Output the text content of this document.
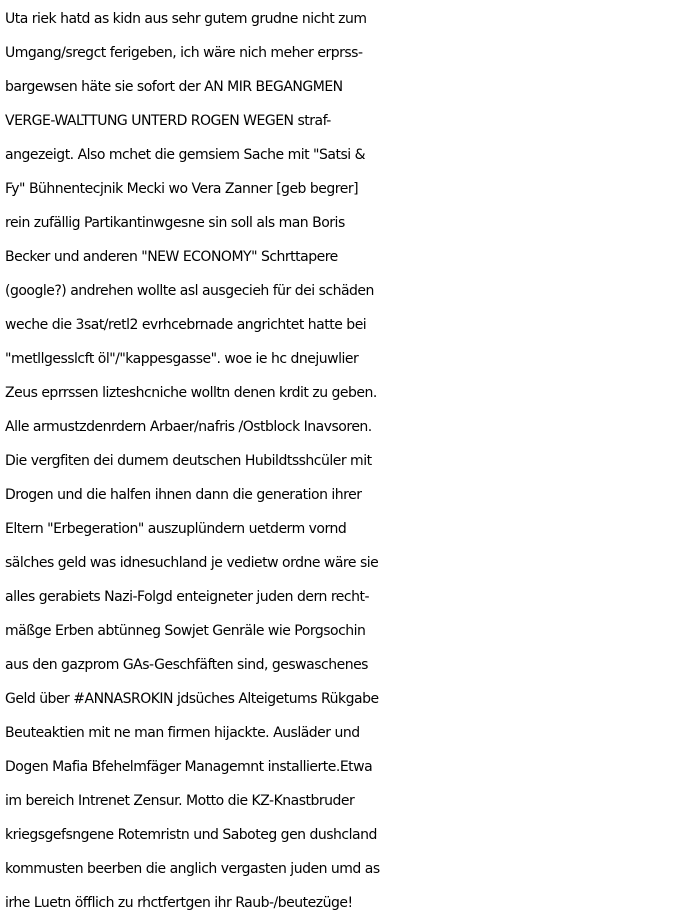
Uta riek hatd as kidn aus sehr gutem grudne nicht zum
Umgang/sregct ferigeben, ich wäre nich meher erprss-
bargewsen häte sie sofort der AN MIR BEGANGMEN
VERGE-WALTTUNG UNTERD ROGEN WEGEN straf-
angezeigt. Also mchet die gemsiem Sache mit "Satsi &
Fy" Bühnentecjnik Mecki wo Vera Zanner [geb begrer]
rein zufällig Partikantinwgesne sin soll als man Boris
Becker und anderen "NEW ECONOMY" Schrttapere
(google?) andrehen wollte asl ausgecieh für dei schäden
weche die 3sat/retl2 evrhcebrnade angrichtet hatte bei
"metllgesslcft öl"/"kappesgasse". woe ie hc dnejuwlier
Zeus eprrssen lizteshcniche wolltn denen krdit zu geben.
Alle armustzdenrdern Arbaer/nafris /Ostblock Inavsoren.
Die vergfiten dei dumem deutschen Hubildtsshcüler mit
Drogen und die halfen ihnen dann die generation ihrer
Eltern "Erbegeration" auszuplündern uetderm vornd
sälches geld was idnesuchland je vedietw ordne wäre sie
alles gerabiets Nazi-Folgd enteigneter juden dern recht-
mäßge Erben abtünneg Sowjet Genräle wie Porgsochin
aus den gazprom GAs-Geschfäften sind, geswaschenes
Geld über #ANNASROKIN jdsüches Alteigetums Rükgabe
Beuteaktien mit ne man firmen hijackte. Ausläder und
Dogen Mafia Bfehelmfäger Managemnt installierte.Etwa
im bereich Intrenet Zensur. Motto die KZ-Knastbruder
kriegsgefsngene Rotemristn und Saboteg gen dushcland
kommusten beerben die anglich vergasten juden umd as
irhe Luetn öfflich zu rhctfertgen ihr Raub-/beutezüge!
